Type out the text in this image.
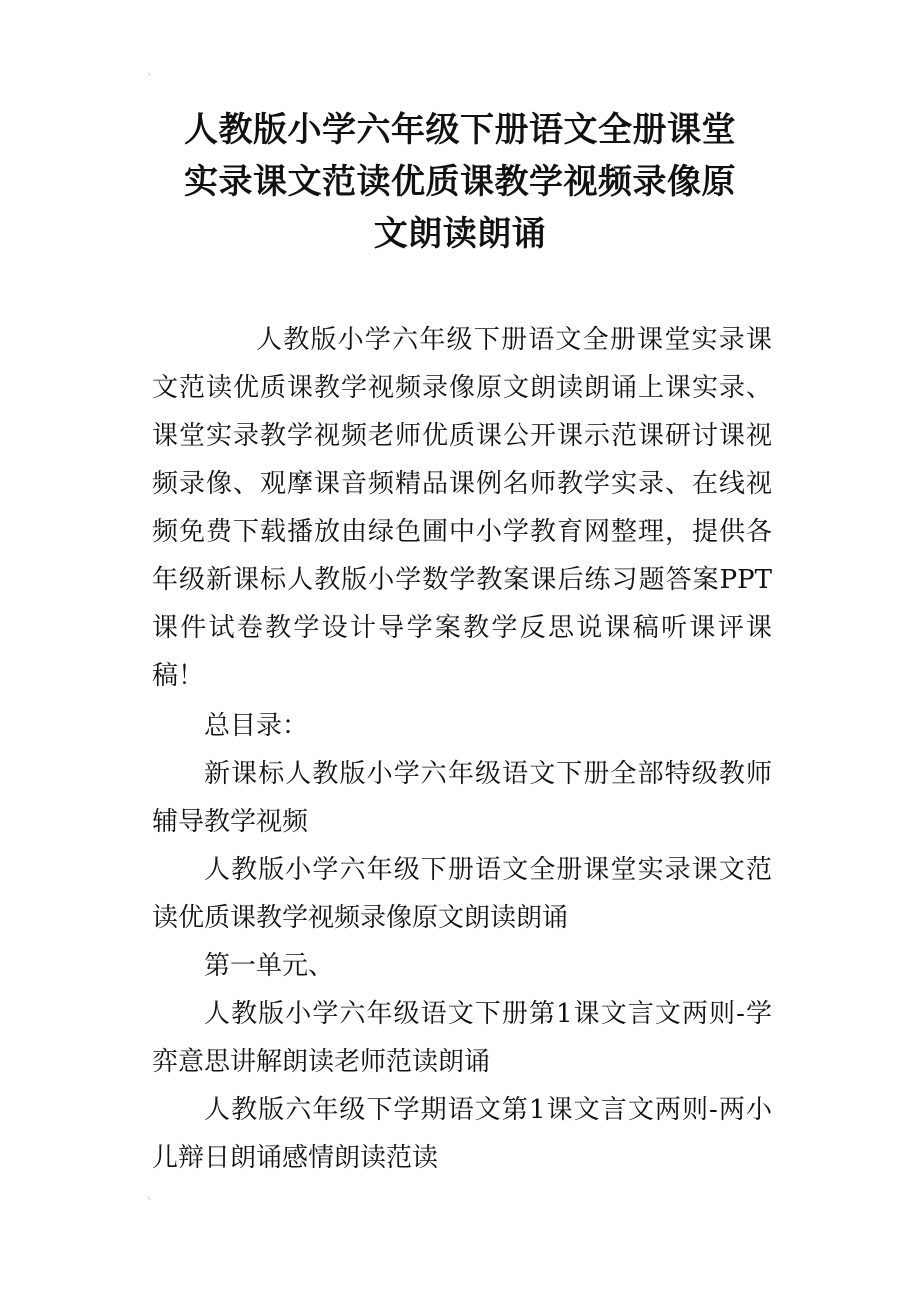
⸜
人教版小学六年级下册语文全册课堂
实录课文范读优质课教学视频录像原
文朗读朗诵

人教版小学六年级下册语文全册课堂实录课文范读优质课教学视频录像原文朗读朗诵上课实录、课堂实录教学视频老师优质课公开课示范课研讨课视频录像、观摩课音频精品课例名师教学实录、在线视频免费下载播放由绿色圃中小学教育网整理，提供各年级新课标人教版小学数学教案课后练习题答案PPT课件试卷教学设计导学案教学反思说课稿听课评课稿！

总目录：

新课标人教版小学六年级语文下册全部特级教师辅导教学视频

人教版小学六年级下册语文全册课堂实录课文范读优质课教学视频录像原文朗读朗诵

第一单元、

人教版小学六年级语文下册第1课文言文两则-学弈意思讲解朗读老师范读朗诵

人教版六年级下学期语文第1课文言文两则-两小儿辩日朗诵感情朗读范读

⸜
